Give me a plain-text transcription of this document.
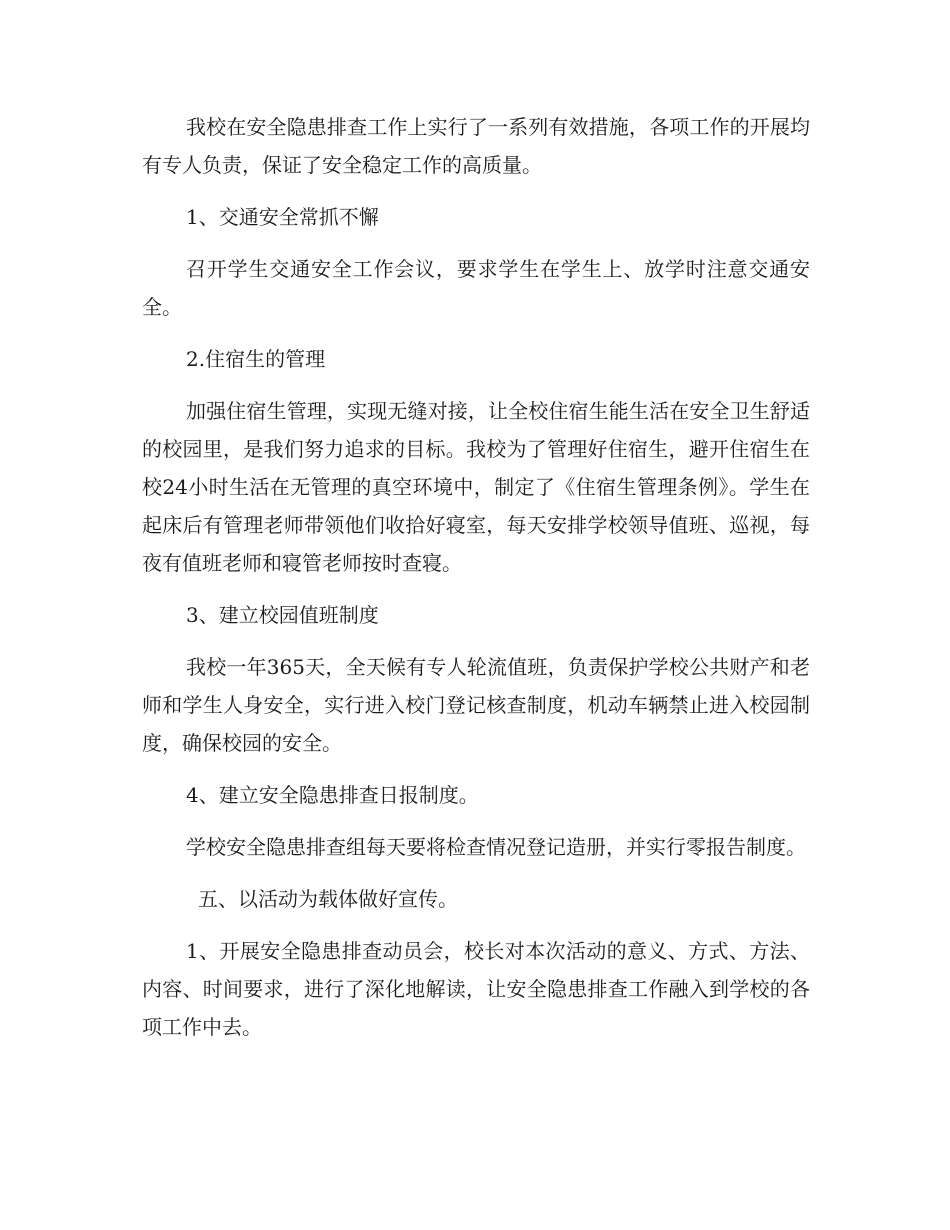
我校在安全隐患排查工作上实行了一系列有效措施，各项工作的开展均有专人负责，保证了安全稳定工作的高质量。

1、交通安全常抓不懈

召开学生交通安全工作会议，要求学生在学生上、放学时注意交通安全。

2.住宿生的管理

加强住宿生管理，实现无缝对接，让全校住宿生能生活在安全卫生舒适的校园里，是我们努力追求的目标。我校为了管理好住宿生，避开住宿生在校24小时生活在无管理的真空环境中，制定了《住宿生管理条例》。学生在起床后有管理老师带领他们收拾好寝室，每天安排学校领导值班、巡视，每夜有值班老师和寝管老师按时查寝。

3、建立校园值班制度

我校一年365天，全天候有专人轮流值班，负责保护学校公共财产和老师和学生人身安全，实行进入校门登记核查制度，机动车辆禁止进入校园制度，确保校园的安全。

4、建立安全隐患排查日报制度。

学校安全隐患排查组每天要将检查情况登记造册，并实行零报告制度。

五、以活动为载体做好宣传。

1、开展安全隐患排查动员会，校长对本次活动的意义、方式、方法、内容、时间要求，进行了深化地解读，让安全隐患排查工作融入到学校的各项工作中去。
